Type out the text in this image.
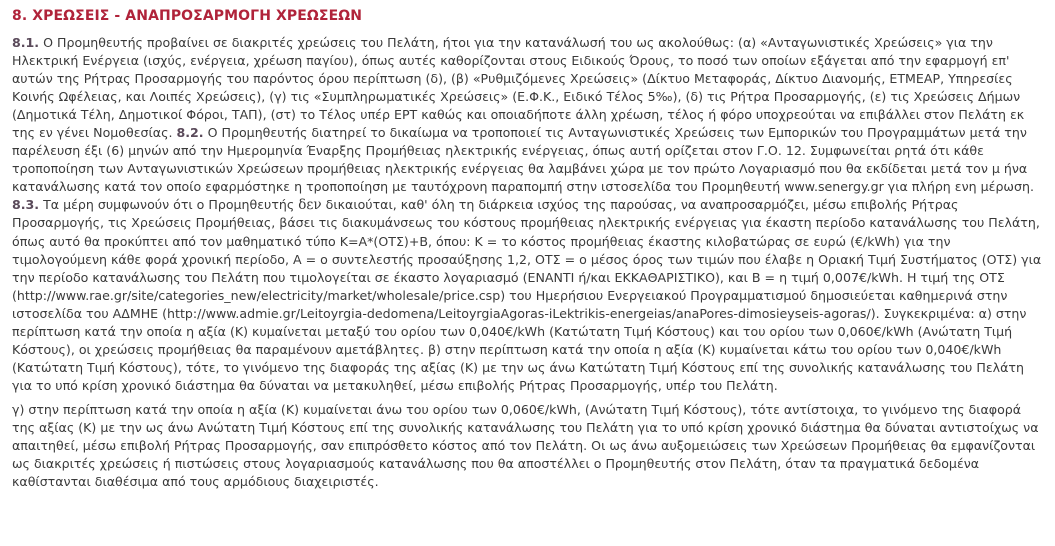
8. ΧΡΕΩΣΕΙΣ - ΑΝΑΠΡΟΣΑΡΜΟΓΗ ΧΡΕΩΣΕΩΝ

8.1. Ο Προμηθευτής προβαίνει σε διακριτές χρεώσεις του Πελάτη, ήτοι για την κατανάλωσή του ως ακολούθως: (α) «Ανταγωνιστικές Χρεώσεις» για την Ηλεκτρική Ενέργεια (ισχύς, ενέργεια, χρέωση παγίου), όπως αυτές καθορίζονται στους Ειδικούς Όρους, το ποσό των οποίων εξάγεται από την εφαρμογή επ' αυτών της Ρήτρας Προσαρμογής του παρόντος όρου περίπτωση (δ), (β) «Ρυθμιζόμενες Χρεώσεις» (Δίκτυο Μεταφοράς, Δίκτυο Διανομής, ΕΤΜΕΑΡ, Υπηρεσίες Κοινής Ωφέλειας, και Λοιπές Χρεώσεις), (γ) τις «Συμπληρωματικές Χρεώσεις» (Ε.Φ.Κ., Ειδικό Τέλος 5‰), (δ) τις Ρήτρα Προσαρμογής, (ε) τις Χρεώσεις Δήμων (Δημοτικά Τέλη, Δημοτικοί Φόροι, ΤΑΠ), (στ) το Τέλος υπέρ ΕΡΤ καθώς και οποιαδήποτε άλλη χρέωση, τέλος ή φόρο υποχρεούται να επιβάλλει στον Πελάτη εκ της εν γένει Νομοθεσίας. 8.2. Ο Προμηθευτής διατηρεί το δικαίωμα να τροποποιεί τις Ανταγωνιστικές Χρεώσεις των Εμπορικών του Προγραμμάτων μετά την παρέλευση έξι (6) μηνών από την Ημερομηνία Έναρξης Προμήθειας ηλεκτρικής ενέργειας, όπως αυτή ορίζεται στον Γ.Ο. 12. Συμφωνείται ρητά ότι κάθε τροποποίηση των Ανταγωνιστικών Χρεώσεων προμήθειας ηλεκτρικής ενέργειας θα λαμβάνει χώρα με τον πρώτο Λογαριασμό που θα εκδίδεται μετά τον μ ήνα κατανάλωσης κατά τον οποίο εφαρμόστηκε η τροποποίηση με ταυτόχρονη παραπομπή στην ιστοσελίδα του Προμηθευτή www.senergy.gr για πλήρη ενη μέρωση. 8.3. Τα μέρη συμφωνούν ότι ο Προμηθευτής δεν δικαιούται, καθ' όλη τη διάρκεια ισχύος της παρούσας, να αναπροσαρμόζει, μέσω επιβολής Ρήτρας Προσαρμογής, τις Χρεώσεις Προμήθειας, βάσει τις διακυμάνσεως του κόστους προμήθειας ηλεκτρικής ενέργειας για έκαστη περίοδο κατανάλωσης του Πελάτη, όπως αυτό θα προκύπτει από τον μαθηματικό τύπο Κ=Α*(ΟΤΣ)+Β, όπου: Κ = το κόστος προμήθειας έκαστης κιλοβατώρας σε ευρώ (€/kWh) για την τιμολογούμενη κάθε φορά χρονική περίοδο, Α = ο συντελεστής προσαύξησης 1,2, ΟΤΣ = ο μέσος όρος των τιμών που έλαβε η Οριακή Τιμή Συστήματος (ΟΤΣ) για την περίοδο κατανάλωσης του Πελάτη που τιμολογείται σε έκαστο λογαριασμό (ΕΝΑΝΤΙ ή/και ΕΚΚΑΘΑΡΙΣΤΙΚΟ), και Β = η τιμή 0,007€/kWh. Η τιμή της ΟΤΣ (http://www.rae.gr/site/categories_new/electricity/market/wholesale/price.csp) του Ημερήσιου Ενεργειακού Προγραμματισμού δημοσιεύεται καθημερινά στην ιστοσελίδα του ΑΔΜΗΕ (http://www.admie.gr/Leitoyrgia-dedomena/LeitoyrgiaAgoras-iLektrikis-energeias/anaPores-dimosieyseis-agoras/). Συγκεκριμένα: α) στην περίπτωση κατά την οποία η αξία (Κ) κυμαίνεται μεταξύ του ορίου των 0,040€/kWh (Κατώτατη Τιμή Κόστους) και του ορίου των 0,060€/kWh (Ανώτατη Τιμή Κόστους), οι χρεώσεις προμήθειας θα παραμένουν αμετάβλητες. β) στην περίπτωση κατά την οποία η αξία (Κ) κυμαίνεται κάτω του ορίου των 0,040€/kWh (Κατώτατη Τιμή Κόστους), τότε, το γινόμενο της διαφοράς της αξίας (Κ) με την ως άνω Κατώτατη Τιμή Κόστους επί της συνολικής κατανάλωσης του Πελάτη για το υπό κρίση χρονικό διάστημα θα δύναται να μετακυληθεί, μέσω επιβολής Ρήτρας Προσαρμογής, υπέρ του Πελάτη.

γ) στην περίπτωση κατά την οποία η αξία (Κ) κυμαίνεται άνω του ορίου των 0,060€/kWh, (Ανώτατη Τιμή Κόστους), τότε αντίστοιχα, το γινόμενο της διαφορά της αξίας (Κ) με την ως άνω Ανώτατη Τιμή Κόστους επί της συνολικής κατανάλωσης του Πελάτη για το υπό κρίση χρονικό διάστημα θα δύναται αντιστοίχως να απαιτηθεί, μέσω επιβολή Ρήτρας Προσαρμογής, σαν επιπρόσθετο κόστος από τον Πελάτη. Οι ως άνω αυξομειώσεις των Χρεώσεων Προμήθειας θα εμφανίζονται ως διακριτές χρεώσεις ή πιστώσεις στους λογαριασμούς κατανάλωσης που θα αποστέλλει ο Προμηθευτής στον Πελάτη, όταν τα πραγματικά δεδομένα καθίστανται διαθέσιμα από τους αρμόδιους διαχειριστές.
